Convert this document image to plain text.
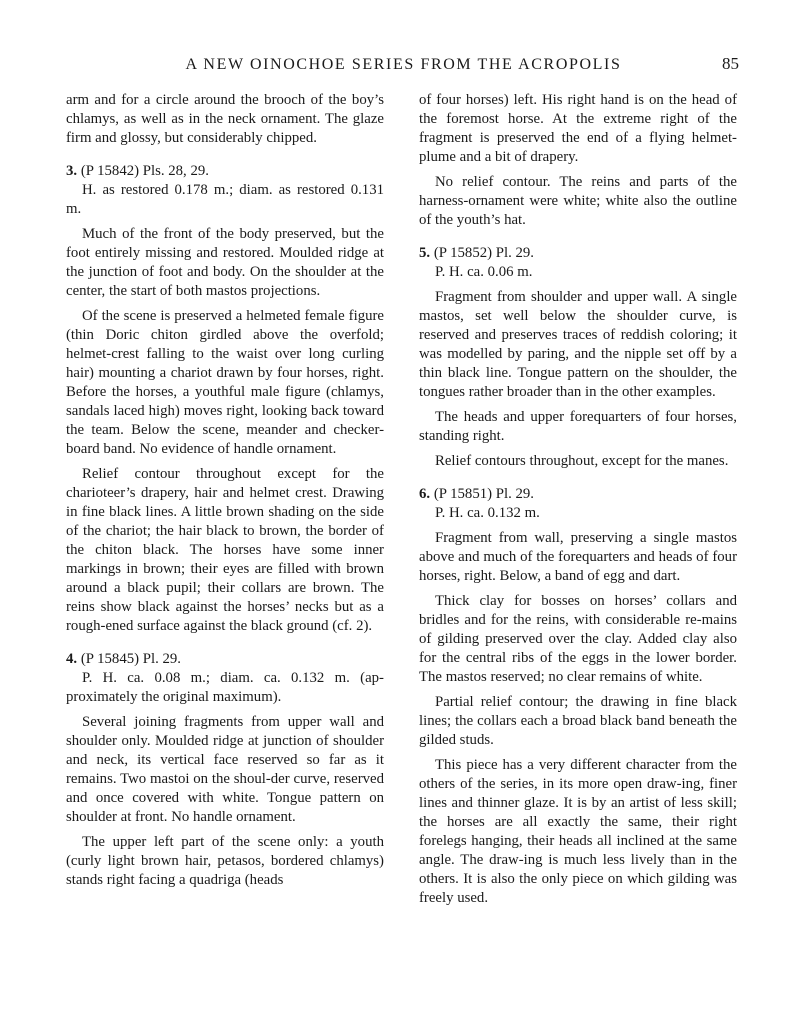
A NEW OINOCHOE SERIES FROM THE ACROPOLIS	85

arm and for a circle around the brooch of the boy’s chlamys, as well as in the neck ornament. The glaze firm and glossy, but considerably chipped.

3. (P 15842) Pls. 28, 29.

H. as restored 0.178 m.; diam. as restored 0.131 m.

Much of the front of the body preserved, but the foot entirely missing and restored. Moulded ridge at the junction of foot and body. On the shoulder at the center, the start of both mastos projections.

Of the scene is preserved a helmeted female figure (thin Doric chiton girdled above the overfold; helmet-crest falling to the waist over long curling hair) mounting a chariot drawn by four horses, right. Before the horses, a youthful male figure (chlamys, sandals laced high) moves right, looking back toward the team. Below the scene, meander and checker-board band. No evidence of handle ornament.

Relief contour throughout except for the charioteer’s drapery, hair and helmet crest. Drawing in fine black lines. A little brown shading on the side of the chariot; the hair black to brown, the border of the chiton black. The horses have some inner markings in brown; their eyes are filled with brown around a black pupil; their collars are brown. The reins show black against the horses’ necks but as a rough-ened surface against the black ground (cf. 2).

4. (P 15845) Pl. 29.

P. H. ca. 0.08 m.; diam. ca. 0.132 m. (ap-proximately the original maximum).

Several joining fragments from upper wall and shoulder only. Moulded ridge at junction of shoulder and neck, its vertical face reserved so far as it remains. Two mastoi on the shoul-der curve, reserved and once covered with white. Tongue pattern on shoulder at front. No handle ornament.

The upper left part of the scene only: a youth (curly light brown hair, petasos, bordered chlamys) stands right facing a quadriga (heads

of four horses) left. His right hand is on the head of the foremost horse. At the extreme right of the fragment is preserved the end of a flying helmet-plume and a bit of drapery.

No relief contour. The reins and parts of the harness-ornament were white; white also the outline of the youth’s hat.

5. (P 15852) Pl. 29.

P. H. ca. 0.06 m.

Fragment from shoulder and upper wall. A single mastos, set well below the shoulder curve, is reserved and preserves traces of reddish coloring; it was modelled by paring, and the nipple set off by a thin black line. Tongue pattern on the shoulder, the tongues rather broader than in the other examples.

The heads and upper forequarters of four horses, standing right.

Relief contours throughout, except for the manes.

6. (P 15851) Pl. 29.

P. H. ca. 0.132 m.

Fragment from wall, preserving a single mastos above and much of the forequarters and heads of four horses, right. Below, a band of egg and dart.

Thick clay for bosses on horses’ collars and bridles and for the reins, with considerable re-mains of gilding preserved over the clay. Added clay also for the central ribs of the eggs in the lower border. The mastos reserved; no clear remains of white.

Partial relief contour; the drawing in fine black lines; the collars each a broad black band beneath the gilded studs.

This piece has a very different character from the others of the series, in its more open draw-ing, finer lines and thinner glaze. It is by an artist of less skill; the horses are all exactly the same, their right forelegs hanging, their heads all inclined at the same angle. The draw-ing is much less lively than in the others. It is also the only piece on which gilding was freely used.
